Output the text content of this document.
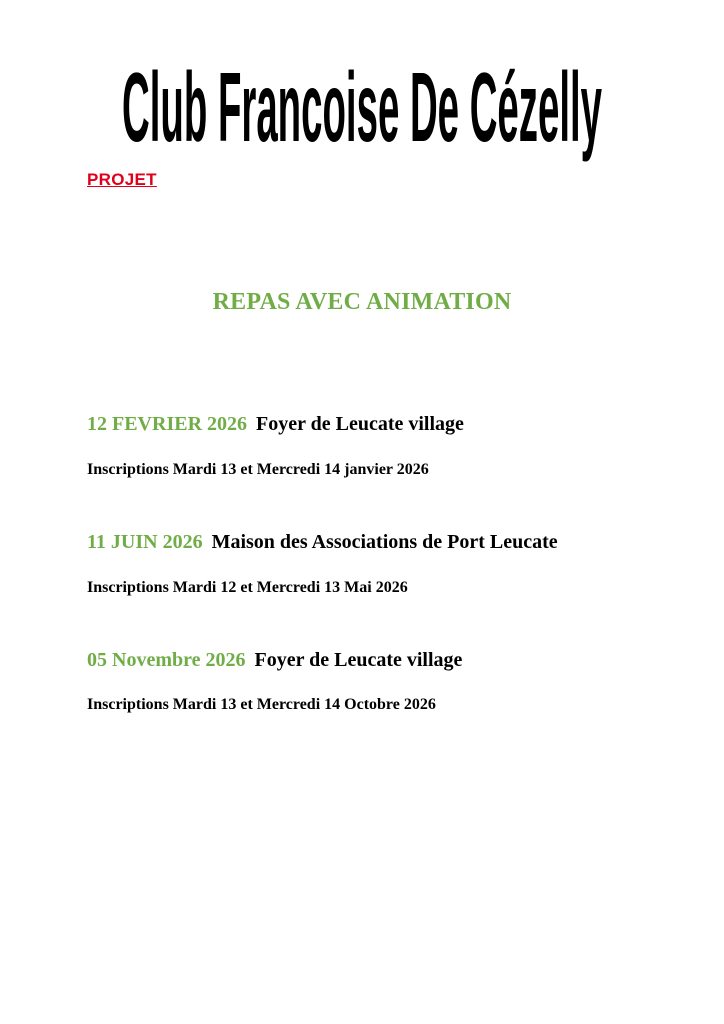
Club Francoise De Cézelly
PROJET
REPAS AVEC ANIMATION
12 FEVRIER 2026 Foyer de Leucate village
Inscriptions Mardi 13 et Mercredi 14 janvier 2026
11 JUIN 2026 Maison des Associations de Port Leucate
Inscriptions Mardi 12 et Mercredi 13 Mai 2026
05 Novembre 2026 Foyer de Leucate village
Inscriptions Mardi 13 et Mercredi 14 Octobre 2026
